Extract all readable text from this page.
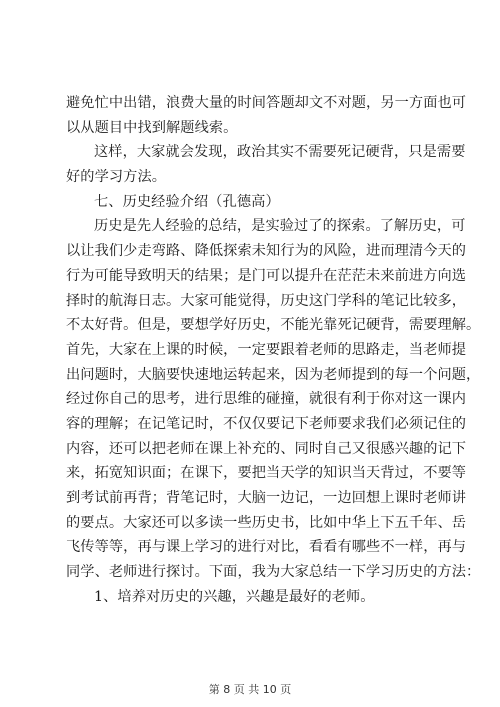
避免忙中出错，浪费大量的时间答题却文不对题，另一方面也可
以从题目中找到解题线索。
这样，大家就会发现，政治其实不需要死记硬背，只是需要
好的学习方法。
七、历史经验介绍（孔德高）
历史是先人经验的总结，是实验过了的探索。了解历史，可
以让我们少走弯路、降低探索未知行为的风险，进而理清今天的
行为可能导致明天的结果；是门可以提升在茫茫未来前进方向选
择时的航海日志。大家可能觉得，历史这门学科的笔记比较多，
不太好背。但是，要想学好历史，不能光靠死记硬背，需要理解。
首先，大家在上课的时候，一定要跟着老师的思路走，当老师提
出问题时，大脑要快速地运转起来，因为老师提到的每一个问题，
经过你自己的思考，进行思维的碰撞，就很有利于你对这一课内
容的理解；在记笔记时，不仅仅要记下老师要求我们必须记住的
内容，还可以把老师在课上补充的、同时自己又很感兴趣的记下
来，拓宽知识面；在课下，要把当天学的知识当天背过，不要等
到考试前再背；背笔记时，大脑一边记，一边回想上课时老师讲
的要点。大家还可以多读一些历史书，比如中华上下五千年、岳
飞传等等，再与课上学习的进行对比，看看有哪些不一样，再与
同学、老师进行探讨。下面，我为大家总结一下学习历史的方法：
1、培养对历史的兴趣，兴趣是最好的老师。
第 8 页 共 10 页
